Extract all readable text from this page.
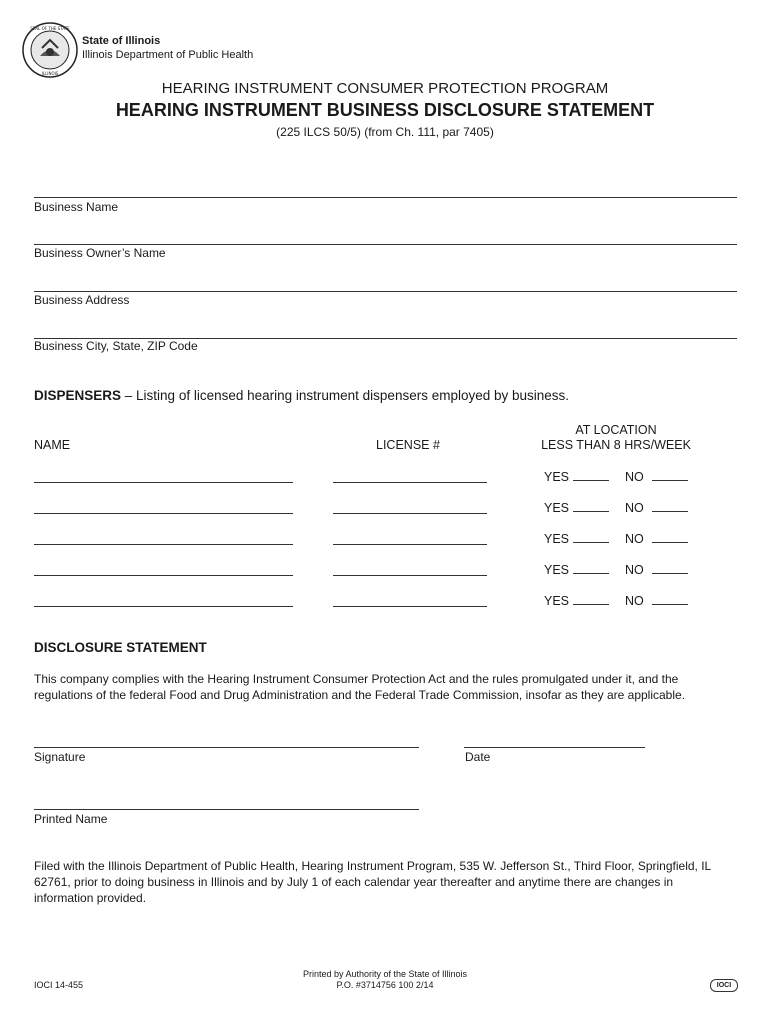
SEAL OF THE STATE
ILLINOIS
State of Illinois
Illinois Department of Public Health
HEARING INSTRUMENT CONSUMER PROTECTION PROGRAM
HEARING INSTRUMENT BUSINESS DISCLOSURE STATEMENT
(225 ILCS 50/5) (from Ch. 111, par 7405)
Business Name
Business Owner’s Name
Business Address
Business City, State, ZIP Code
DISPENSERS – Listing of licensed hearing instrument dispensers employed by business.
NAME	LICENSE #
AT LOCATION
LESS THAN 8 HRS/WEEK
YES	NO
YES	NO
YES	NO
YES	NO
YES	NO
DISCLOSURE STATEMENT
This company complies with the Hearing Instrument Consumer Protection Act and the rules promulgated under it, and the regulations of the federal Food and Drug Administration and the Federal Trade Commission, insofar as they are applicable.
Signature	Date
Printed Name
Filed with the Illinois Department of Public Health, Hearing Instrument Program, 535 W. Jefferson St., Third Floor, Springfield, IL 62761, prior to doing business in Illinois and by July 1 of each calendar year thereafter and anytime there are changes in information provided.
IOCI 14-455
Printed by Authority of the State of Illinois
P.O. #3714756 100 2/14	IOCI
